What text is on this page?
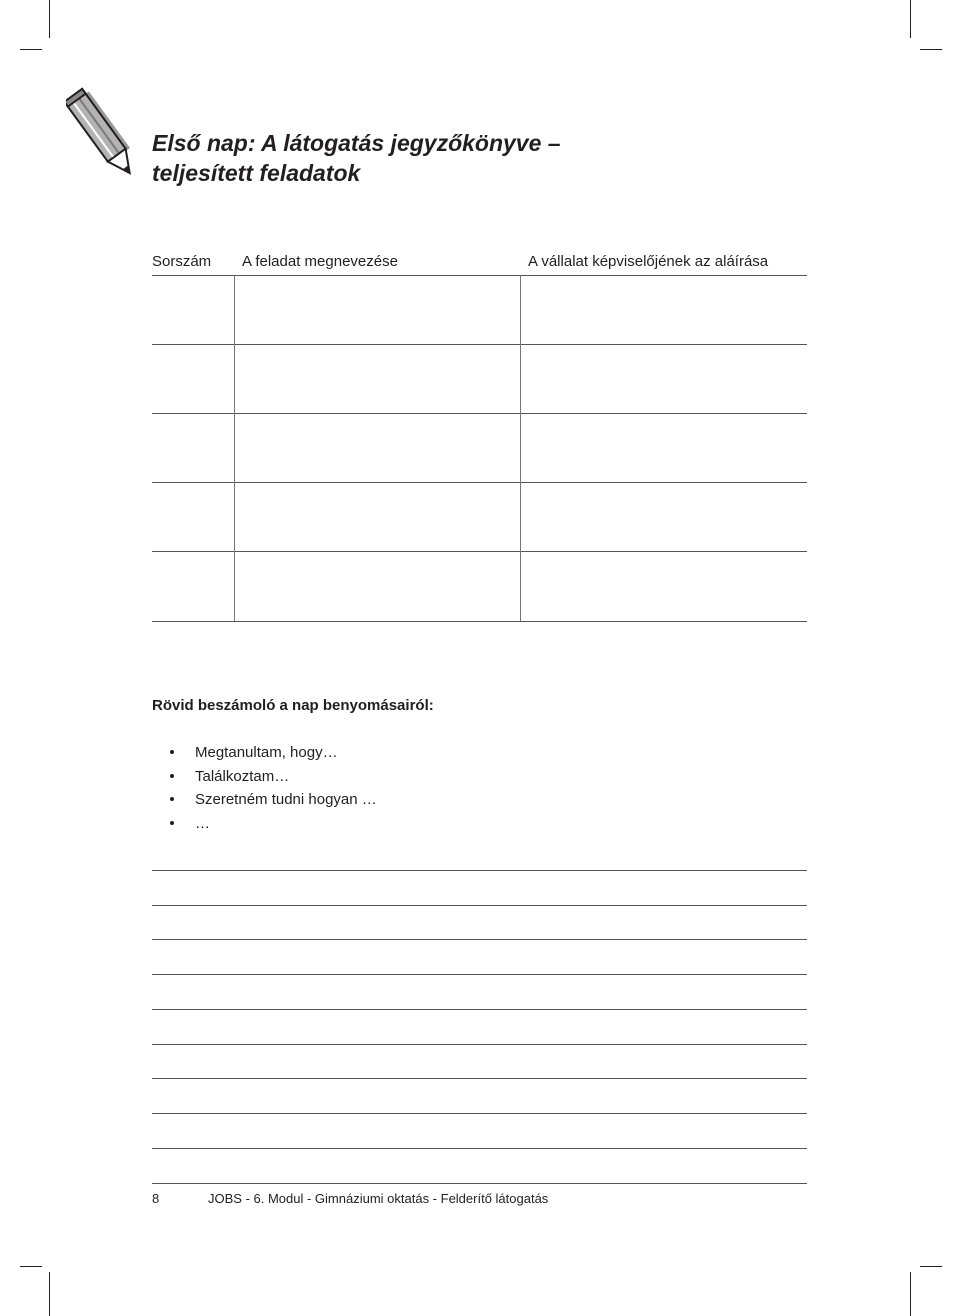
Első nap: A látogatás jegyzőkönyve –
teljesített feladatok
Sorszám A feladat megnevezése	A vállalat képviselőjének az aláírása
Rövid beszámoló a nap benyomásairól:
Megtanultam, hogy…
Találkoztam…
Szeretném tudni hogyan …
…
8	JOBS - 6. Modul - Gimnáziumi oktatás - Felderítő látogatás
